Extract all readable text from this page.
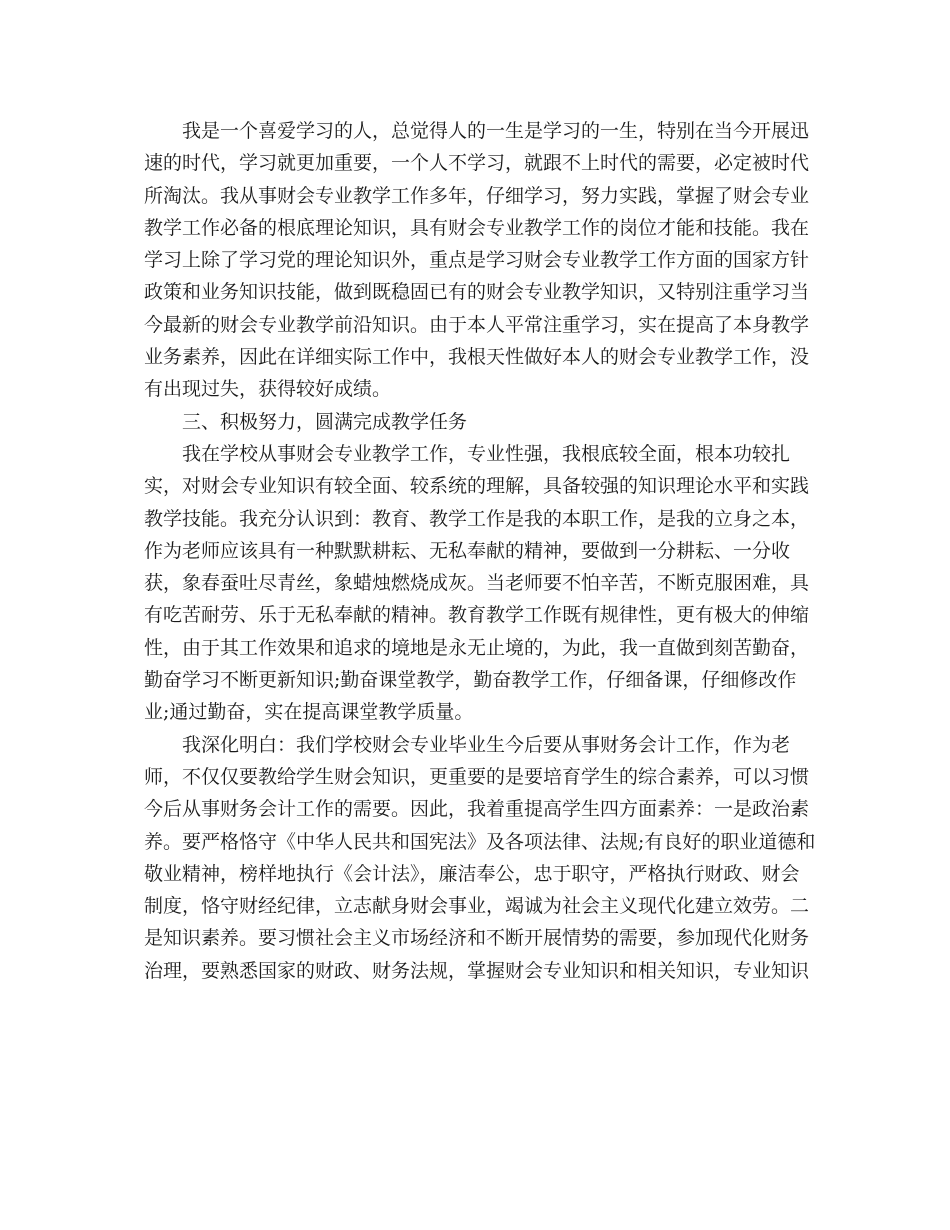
我是一个喜爱学习的人，总觉得人的一生是学习的一生，特别在当今开展迅
速的时代，学习就更加重要，一个人不学习，就跟不上时代的需要，必定被时代
所淘汰。我从事财会专业教学工作多年，仔细学习，努力实践，掌握了财会专业
教学工作必备的根底理论知识，具有财会专业教学工作的岗位才能和技能。我在
学习上除了学习党的理论知识外，重点是学习财会专业教学工作方面的国家方针
政策和业务知识技能，做到既稳固已有的财会专业教学知识，又特别注重学习当
今最新的财会专业教学前沿知识。由于本人平常注重学习，实在提高了本身教学
业务素养，因此在详细实际工作中，我根天性做好本人的财会专业教学工作，没
有出现过失，获得较好成绩。
三、积极努力，圆满完成教学任务
我在学校从事财会专业教学工作，专业性强，我根底较全面，根本功较扎
实，对财会专业知识有较全面、较系统的理解，具备较强的知识理论水平和实践
教学技能。我充分认识到：教育、教学工作是我的本职工作，是我的立身之本，
作为老师应该具有一种默默耕耘、无私奉献的精神，要做到一分耕耘、一分收
获，象春蚕吐尽青丝，象蜡烛燃烧成灰。当老师要不怕辛苦，不断克服困难，具
有吃苦耐劳、乐于无私奉献的精神。教育教学工作既有规律性，更有极大的伸缩
性，由于其工作效果和追求的境地是永无止境的，为此，我一直做到刻苦勤奋，
勤奋学习不断更新知识;勤奋课堂教学，勤奋教学工作，仔细备课，仔细修改作
业;通过勤奋，实在提高课堂教学质量。
我深化明白：我们学校财会专业毕业生今后要从事财务会计工作，作为老
师，不仅仅要教给学生财会知识，更重要的是要培育学生的综合素养，可以习惯
今后从事财务会计工作的需要。因此，我着重提高学生四方面素养：一是政治素
养。要严格恪守《中华人民共和国宪法》及各项法律、法规;有良好的职业道德和
敬业精神，榜样地执行《会计法》，廉洁奉公，忠于职守，严格执行财政、财会
制度，恪守财经纪律，立志献身财会事业，竭诚为社会主义现代化建立效劳。二
是知识素养。要习惯社会主义市场经济和不断开展情势的需要，参加现代化财务
治理，要熟悉国家的财政、财务法规，掌握财会专业知识和相关知识，专业知识
